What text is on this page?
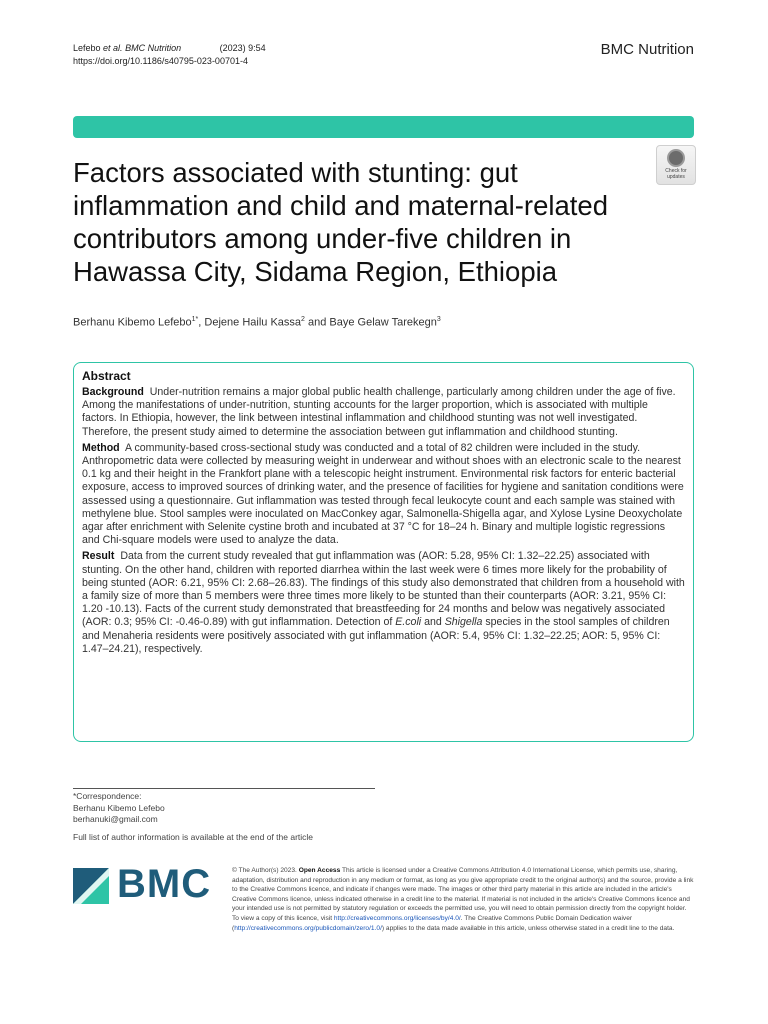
Lefebo et al. BMC Nutrition	(2023) 9:54
https://doi.org/10.1186/s40795-023-00701-4
BMC Nutrition
Check for
updates
Factors associated with stunting: gut inflammation and child and maternal-related contributors among under-five children in Hawassa City, Sidama Region, Ethiopia
Berhanu Kibemo Lefebo$^{1*}$, Dejene Hailu Kassa$^2$ and Baye Gelaw Tarekegn$^3$
Abstract

Background Under-nutrition remains a major global public health challenge, particularly among children under the age of five. Among the manifestations of under-nutrition, stunting accounts for the larger proportion, which is associated with multiple factors. In Ethiopia, however, the link between intestinal inflammation and childhood stunting was not well investigated. Therefore, the present study aimed to determine the association between gut inflammation and childhood stunting.

Method A community-based cross-sectional study was conducted and a total of 82 children were included in the study. Anthropometric data were collected by measuring weight in underwear and without shoes with an electronic scale to the nearest 0.1 kg and their height in the Frankfort plane with a telescopic height instrument. Environmental risk factors for enteric bacterial exposure, access to improved sources of drinking water, and the presence of facilities for hygiene and sanitation conditions were assessed using a questionnaire. Gut inflammation was tested through fecal leukocyte count and each sample was stained with methylene blue. Stool samples were inoculated on MacConkey agar, Salmonella-Shigella agar, and Xylose Lysine Deoxycholate agar after enrichment with Selenite cystine broth and incubated at 37 °C for 18–24 h. Binary and multiple logistic regressions and Chi-square models were used to analyze the data.

Result Data from the current study revealed that gut inflammation was (AOR: 5.28, 95% CI: 1.32–22.25) associated with stunting. On the other hand, children with reported diarrhea within the last week were 6 times more likely for the probability of being stunted (AOR: 6.21, 95% CI: 2.68–26.83). The findings of this study also demonstrated that children from a household with a family size of more than 5 members were three times more likely to be stunted than their counterparts (AOR: 3.21, 95% CI: 1.20 -10.13). Facts of the current study demonstrated that breastfeeding for 24 months and below was negatively associated (AOR: 0.3; 95% CI: -0.46-0.89) with gut inflammation. Detection of E.coli and Shigella species in the stool samples of children and Menaheria residents were positively associated with gut inflammation (AOR: 5.4, 95% CI: 1.32–22.25; AOR: 5, 95% CI: 1.47–24.21), respectively.

*Correspondence:
Berhanu Kibemo Lefebo
berhanuki@gmail.com
Full list of author information is available at the end of the article
BMC	© The Author(s) 2023. Open Access This article is licensed under a Creative Commons Attribution 4.0 International License, which permits use, sharing, adaptation, distribution and reproduction in any medium or format, as long as you give appropriate credit to the original author(s) and the source, provide a link to the Creative Commons licence, and indicate if changes were made. The images or other third party material in this article are included in the article's Creative Commons licence, unless indicated otherwise in a credit line to the material. If material is not included in the article's Creative Commons licence and your intended use is not permitted by statutory regulation or exceeds the permitted use, you will need to obtain permission directly from the copyright holder. To view a copy of this licence, visit http://creativecommons.org/licenses/by/4.0/. The Creative Commons Public Domain Dedication waiver (http://creativecommons.org/publicdomain/zero/1.0/) applies to the data made available in this article, unless otherwise stated in a credit line to the data.
